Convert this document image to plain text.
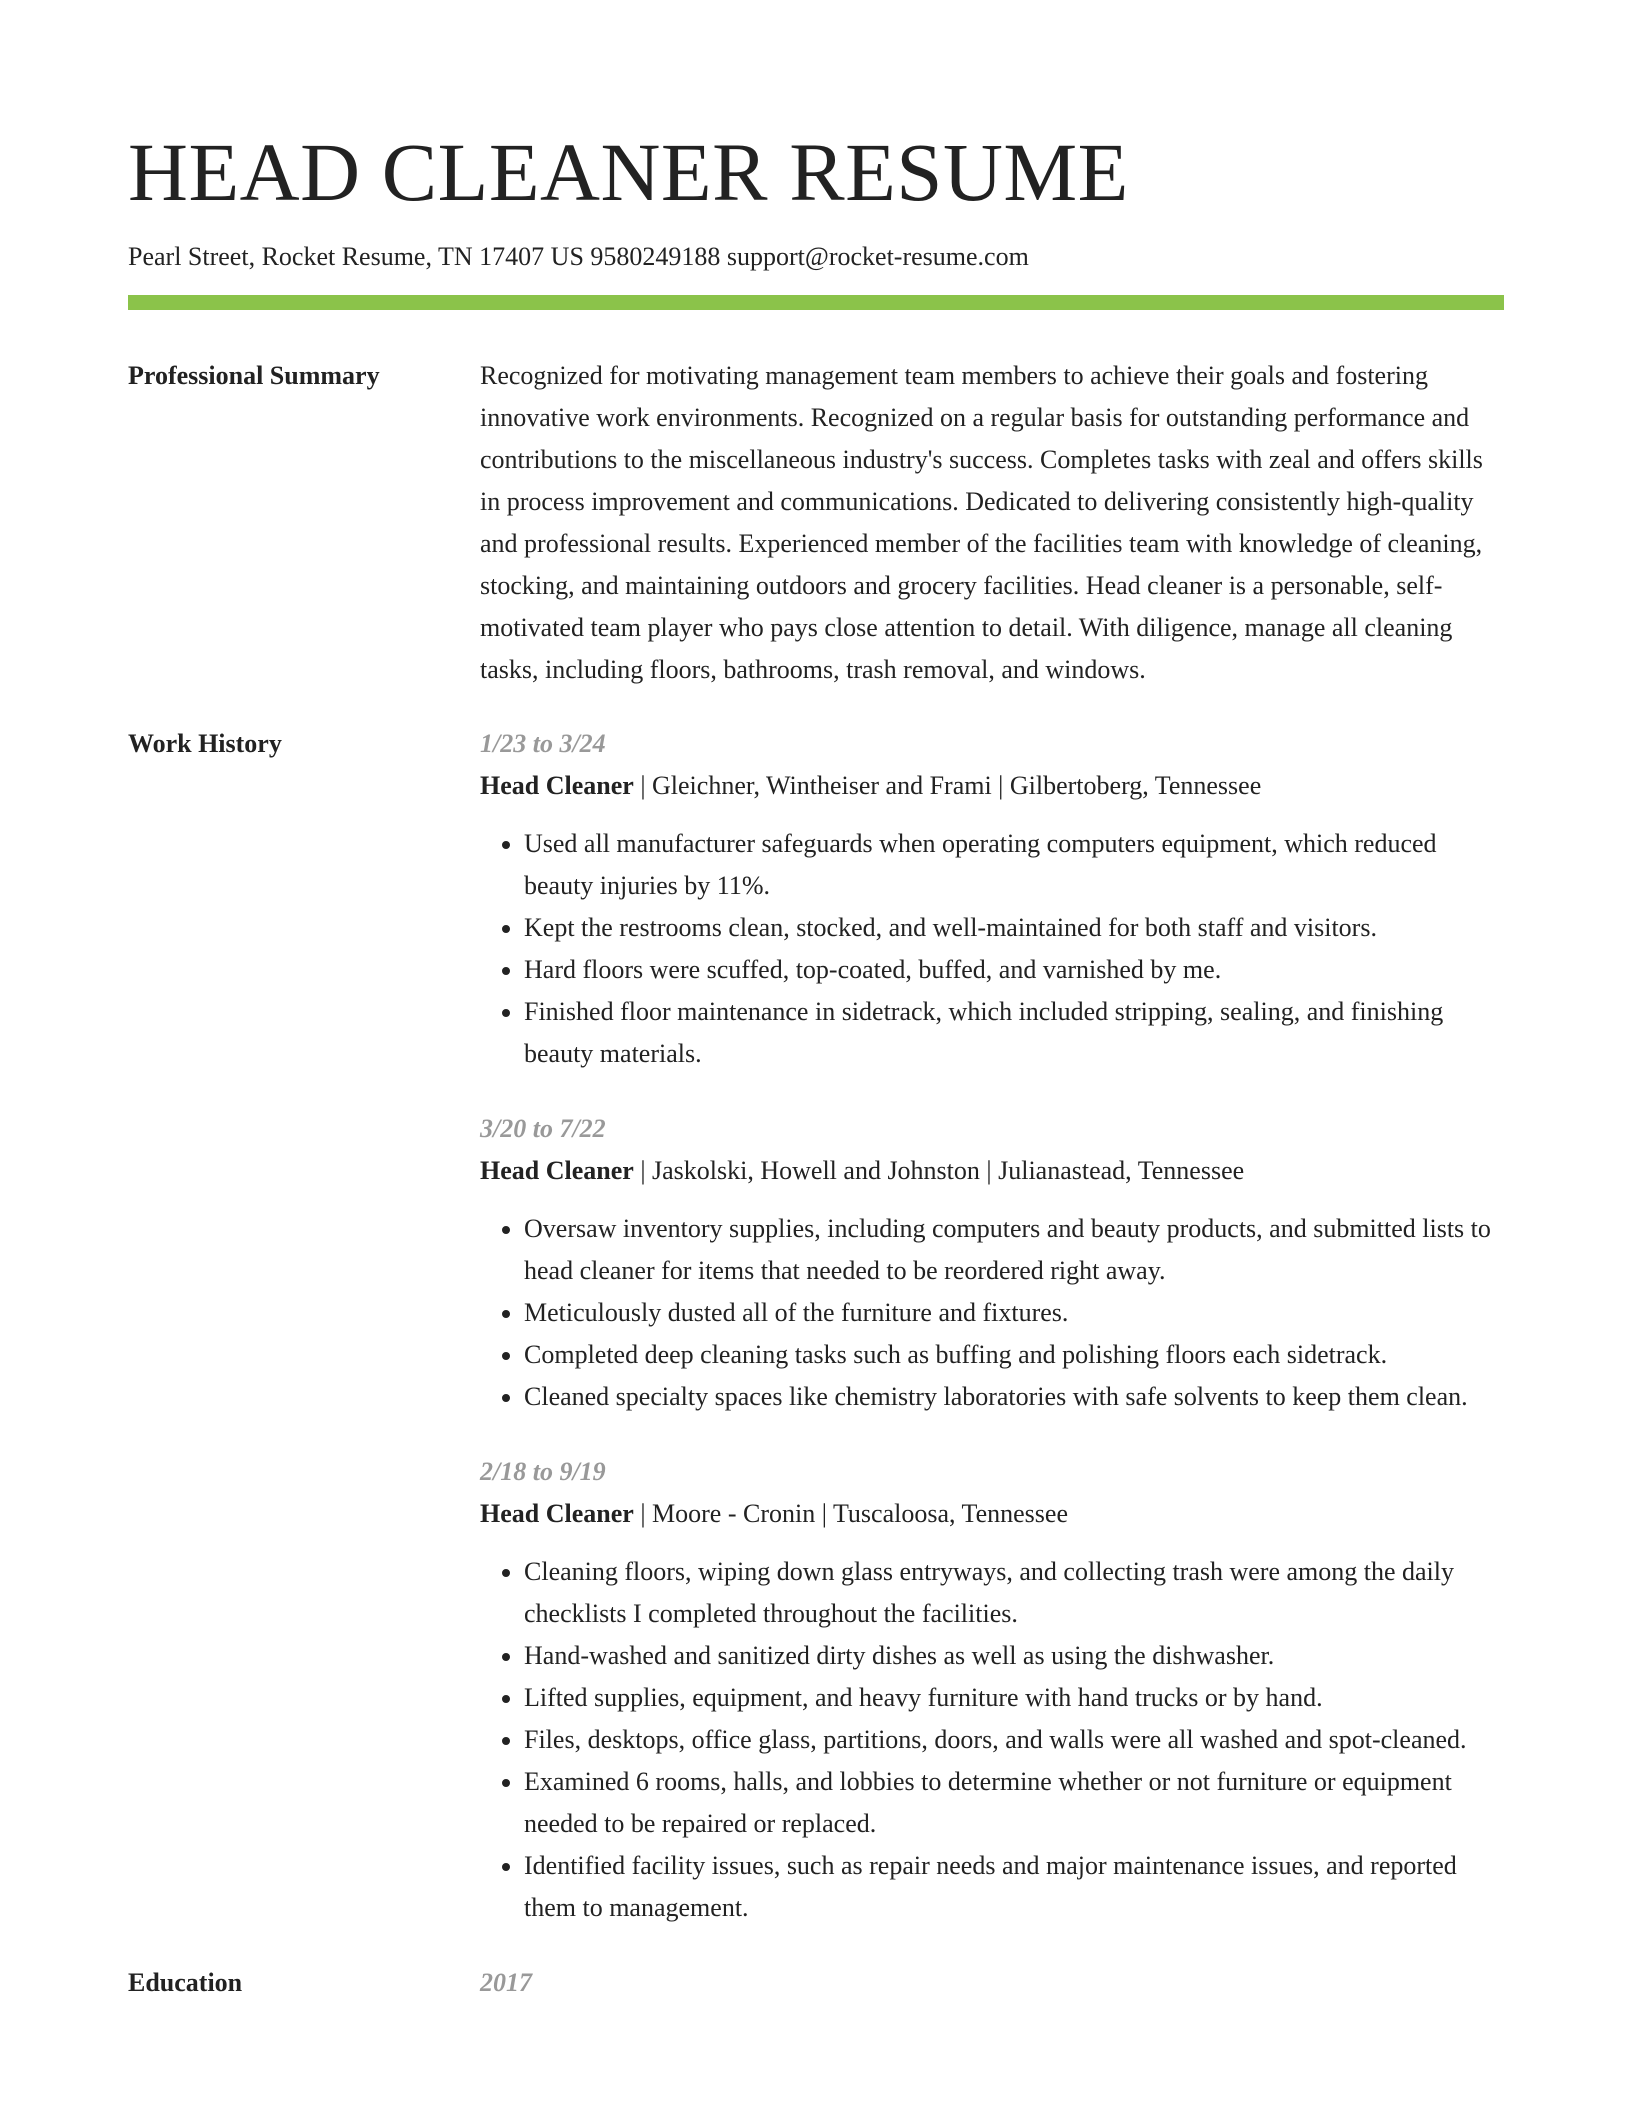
HEAD CLEANER RESUME
Pearl Street, Rocket Resume, TN 17407 US 9580249188 support@rocket-resume.com
Professional Summary	Recognized for motivating management team members to achieve their goals and fostering innovative work environments. Recognized on a regular basis for outstanding performance and contributions to the miscellaneous industry's success. Completes tasks with zeal and offers skills in process improvement and communications. Dedicated to delivering consistently high-quality and professional results. Experienced member of the facilities team with knowledge of cleaning, stocking, and maintaining outdoors and grocery facilities. Head cleaner is a personable, self-motivated team player who pays close attention to detail. With diligence, manage all cleaning tasks, including floors, bathrooms, trash removal, and windows.
Work History	1/23 to 3/24
Head Cleaner | Gleichner, Wintheiser and Frami | Gilbertoberg, Tennessee
• Used all manufacturer safeguards when operating computers equipment, which reduced beauty injuries by 11%.
• Kept the restrooms clean, stocked, and well-maintained for both staff and visitors.
• Hard floors were scuffed, top-coated, buffed, and varnished by me.
• Finished floor maintenance in sidetrack, which included stripping, sealing, and finishing beauty materials.
3/20 to 7/22
Head Cleaner | Jaskolski, Howell and Johnston | Julianastead, Tennessee
• Oversaw inventory supplies, including computers and beauty products, and submitted lists to head cleaner for items that needed to be reordered right away.
• Meticulously dusted all of the furniture and fixtures.
• Completed deep cleaning tasks such as buffing and polishing floors each sidetrack.
• Cleaned specialty spaces like chemistry laboratories with safe solvents to keep them clean.
2/18 to 9/19
Head Cleaner | Moore - Cronin | Tuscaloosa, Tennessee
• Cleaning floors, wiping down glass entryways, and collecting trash were among the daily checklists I completed throughout the facilities.
• Hand-washed and sanitized dirty dishes as well as using the dishwasher.
• Lifted supplies, equipment, and heavy furniture with hand trucks or by hand.
• Files, desktops, office glass, partitions, doors, and walls were all washed and spot-cleaned.
• Examined 6 rooms, halls, and lobbies to determine whether or not furniture or equipment needed to be repaired or replaced.
• Identified facility issues, such as repair needs and major maintenance issues, and reported them to management.
Education	2017
